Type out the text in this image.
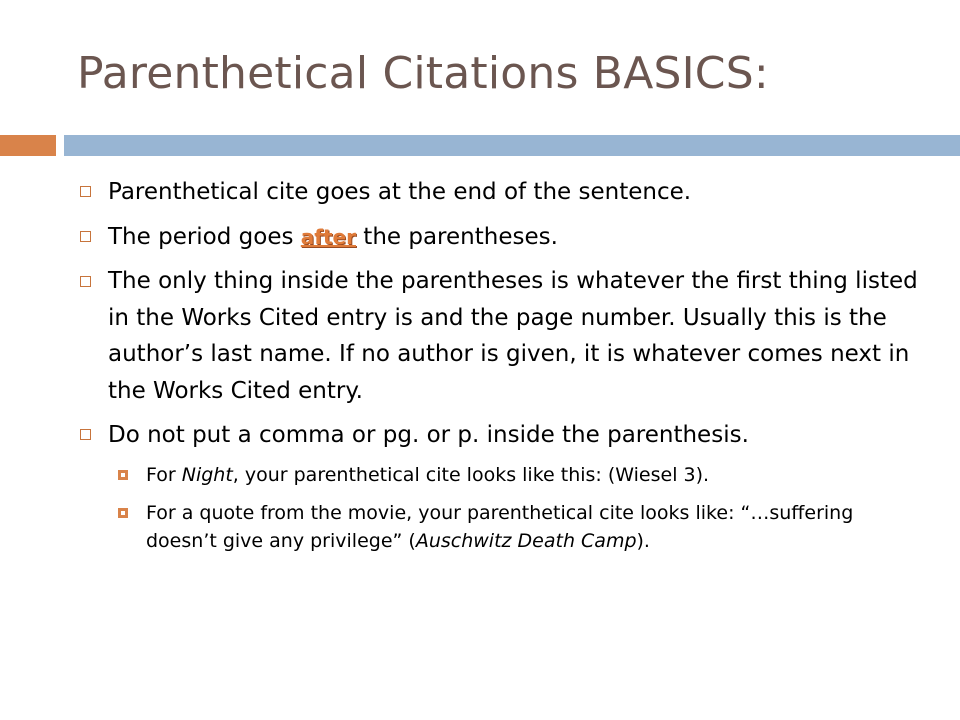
Parenthetical Citations BASICS:
Parenthetical cite goes at the end of the sentence.
The period goes after the parentheses.
The only thing inside the parentheses is whatever the first thing listed in the Works Cited entry is and the page number. Usually this is the author’s last name. If no author is given, it is whatever comes next in the Works Cited entry.
Do not put a comma or pg. or p. inside the parenthesis.
For Night, your parenthetical cite looks like this: (Wiesel 3).
For a quote from the movie, your parenthetical cite looks like: “…suffering doesn’t give any privilege” (Auschwitz Death Camp).
